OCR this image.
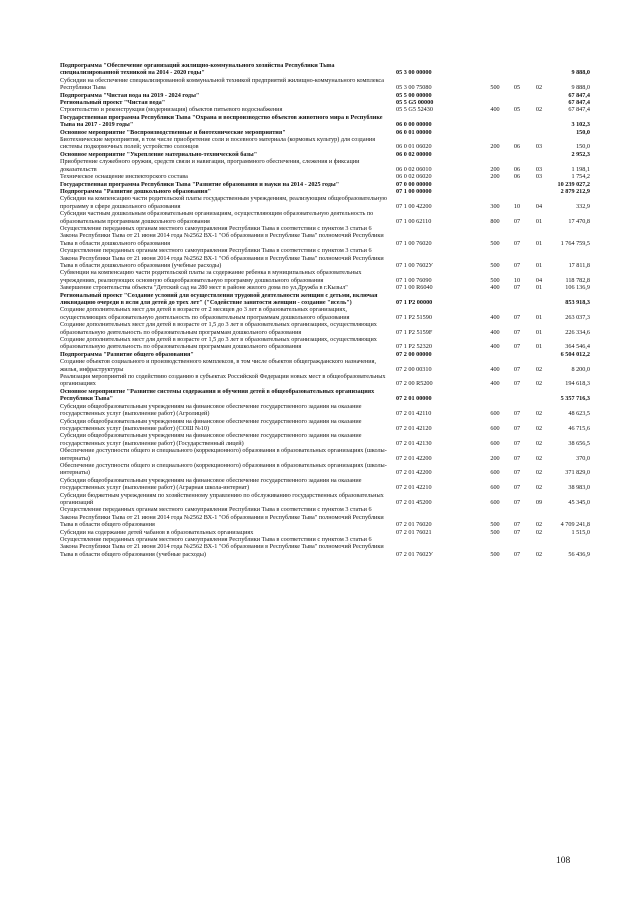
Подпрограмма "Обеспечение организаций жилищно-коммунального хозяйства Республики Тыва специализированной техникой на 2014 - 2020 годы"	05 3 00 00000	9 888,0
Субсидии на обеспечение специализированной коммунальной техникой предприятий жилищно-коммунального комплекса Республики Тыва	05 3 00 75080	500	05	02	9 888,0
Подпрограмма "Чистая вода на 2019 - 2024 годы"	05 5 00 00000	67 847,4
Региональный проект "Чистая вода"	05 5 G5 00000	67 847,4
Строительство и реконструкция (модернизация) объектов питьевого водоснабжения	05 5 G5 52430	400	05	02	67 847,4
Государственная программа Республики Тыва "Охрана и воспроизводство объектов животного мира в Республике Тыва на 2017 - 2019 годы"	06 0 00 00000	3 102,3
Основное мероприятие "Воспроизводственные и биотехнические мероприятия"	06 0 01 00000	150,0
Биотехнические мероприятия, в том числе приобретение соли и посевного материала (кормовых культур) для создания системы подкормочных полей; устройство солонцов	06 0 01 06020	200	06	03	150,0
Основное мероприятие "Укрепление материально-технической базы"	06 0 02 00000	2 952,3
Приобретение служебного оружия, средств связи и навигации, программного обеспечения, слежения и фиксации доказательств	06 0 02 06010	200	06	03	1 198,1
Техническое оснащение инспекторского состава	06 0 02 06020	200	06	03	1 754,2
Государственная программа Республики Тыва "Развитие образования и науки на 2014 - 2025 годы"	07 0 00 00000	10 239 027,2
Подпрограмма "Развитие дошкольного образования"	07 1 00 00000	2 879 212,9
Субсидии на компенсацию части родительской платы государственным учреждениям, реализующим общеобразовательную программу в сфере дошкольного образования	07 1 00 42200	300	10	04	332,9
Субсидии частным дошкольным образовательным организациям, осуществляющим образовательную деятельность по образовательным программам дошкольного образования	07 1 00 62110	800	07	01	17 470,8
Осуществление переданных органам местного самоуправления Республики Тыва в соответствии с пунктом 3 статьи 6 Закона Республики Тыва от 21 июня 2014 года №2562 ВХ-1 "Об образовании в Республике Тыва" полномочий Республики Тыва в области дошкольного образования	07 1 00 76020	500	07	01	1 764 759,5
Осуществление переданных органам местного самоуправления Республики Тыва в соответствии с пунктом 3 статьи 6 Закона Республики Тыва от 21 июня 2014 года №2562 ВХ-1 "Об образовании в Республике Тыва" полномочий Республики Тыва в области дошкольного образования (учебные расходы)	07 1 00 7602У	500	07	01	17 811,8
Субвенции на компенсацию части родительской платы за содержание ребенка в муниципальных образовательных учреждениях, реализующих основную общеобразовательную программу дошкольного образования	07 1 00 76090	500	10	04	118 782,8
Завершение строительства объекта "Детский сад на 280 мест в районе жилого дома по ул.Дружба в г.Кызыл"	07 1 00 R6040	400	07	01	106 136,9
Региональный проект "Создание условий для осуществления трудовой деятельности женщин с детьми, включая ликвидацию очереди в ясли для детей до трех лет" ("Содействие занятости женщин - создание "ясель")	07 1 P2 00000	853 918,3
Создание дополнительных мест для детей в возрасте от 2 месяцев до 3 лет в образовательных организациях, осуществляющих образовательную деятельность по образовательным программам дошкольного образования	07 1 P2 51590	400	07	01	263 037,3
Создание дополнительных мест для детей в возрасте от 1,5 до 3 лет в образовательных организациях, осуществляющих образовательную деятельность по образовательным программам дошкольного образования	07 1 P2 5159F	400	07	01	226 334,6
Создание дополнительных мест для детей в возрасте от 1,5 до 3 лет в образовательных организациях, осуществляющих образовательную деятельность по образовательным программам дошкольного образования	07 1 P2 52320	400	07	01	364 546,4
Подпрограмма "Развитие общего образования"	07 2 00 00000	6 504 012,2
Создание объектов социального и производственного комплексов, в том числе объектов общегражданского назначения, жилья, инфраструктуры	07 2 00 00310	400	07	02	8 200,0
Реализация мероприятий по содействию созданию в субъектах Российской Федерации новых мест в общеобразовательных организациях	07 2 00 R5200	400	07	02	194 618,3
Основное мероприятие "Развитие системы содержания и обучения детей в общеобразовательных организациях Республики Тыва"	07 2 01 00000	5 357 716,3
Субсидии общеобразовательным учреждениям на финансовое обеспечение государственного задания на оказание государственных услуг (выполнение работ) (Агролицей)	07 2 01 42110	600	07	02	48 623,5
Субсидии общеобразовательным учреждениям на финансовое обеспечение государственного задания на оказание государственных услуг (выполнение работ) (СОШ №10)	07 2 01 42120	600	07	02	46 715,6
Субсидии общеобразовательным учреждениям на финансовое обеспечение государственного задания на оказание государственных услуг (выполнение работ) (Государственный лицей)	07 2 01 42130	600	07	02	38 656,5
Обеспечение доступности общего и специального (коррекционного) образования в образовательных организациях (школы-интернаты)	07 2 01 42200	200	07	02	370,0
Обеспечение доступности общего и специального (коррекционного) образования в образовательных организациях (школы-интернаты)	07 2 01 42200	600	07	02	371 829,0
Субсидии общеобразовательным учреждениям на финансовое обеспечение государственного задания на оказание государственных услуг (выполнение работ) (Аграрная школа-интернат)	07 2 01 42210	600	07	02	38 983,0
Субсидии бюджетным учреждениям по хозяйственному управлению по обслуживанию государственных образовательных организаций	07 2 01 45200	600	07	09	45 345,0
Осуществление переданных органам местного самоуправления Республики Тыва в соответствии с пунктом 3 статьи 6 Закона Республики Тыва от 21 июня 2014 года №2562 ВХ-1 "Об образовании в Республике Тыва" полномочий Республики Тыва в области общего образования	07 2 01 76020	500	07	02	4 709 241,8
Субсидии на содержание детей чабанов в образовательных организациях	07 2 01 76021	500	07	02	1 515,0
Осуществление переданных органам местного самоуправления Республики Тыва в соответствии с пунктом 3 статьи 6 Закона Республики Тыва от 21 июня 2014 года №2562 ВХ-1 "Об образовании в Республике Тыва" полномочий Республики Тыва в области общего образования (учебные расходы)	07 2 01 7602У	500	07	02	56 436,9
108
